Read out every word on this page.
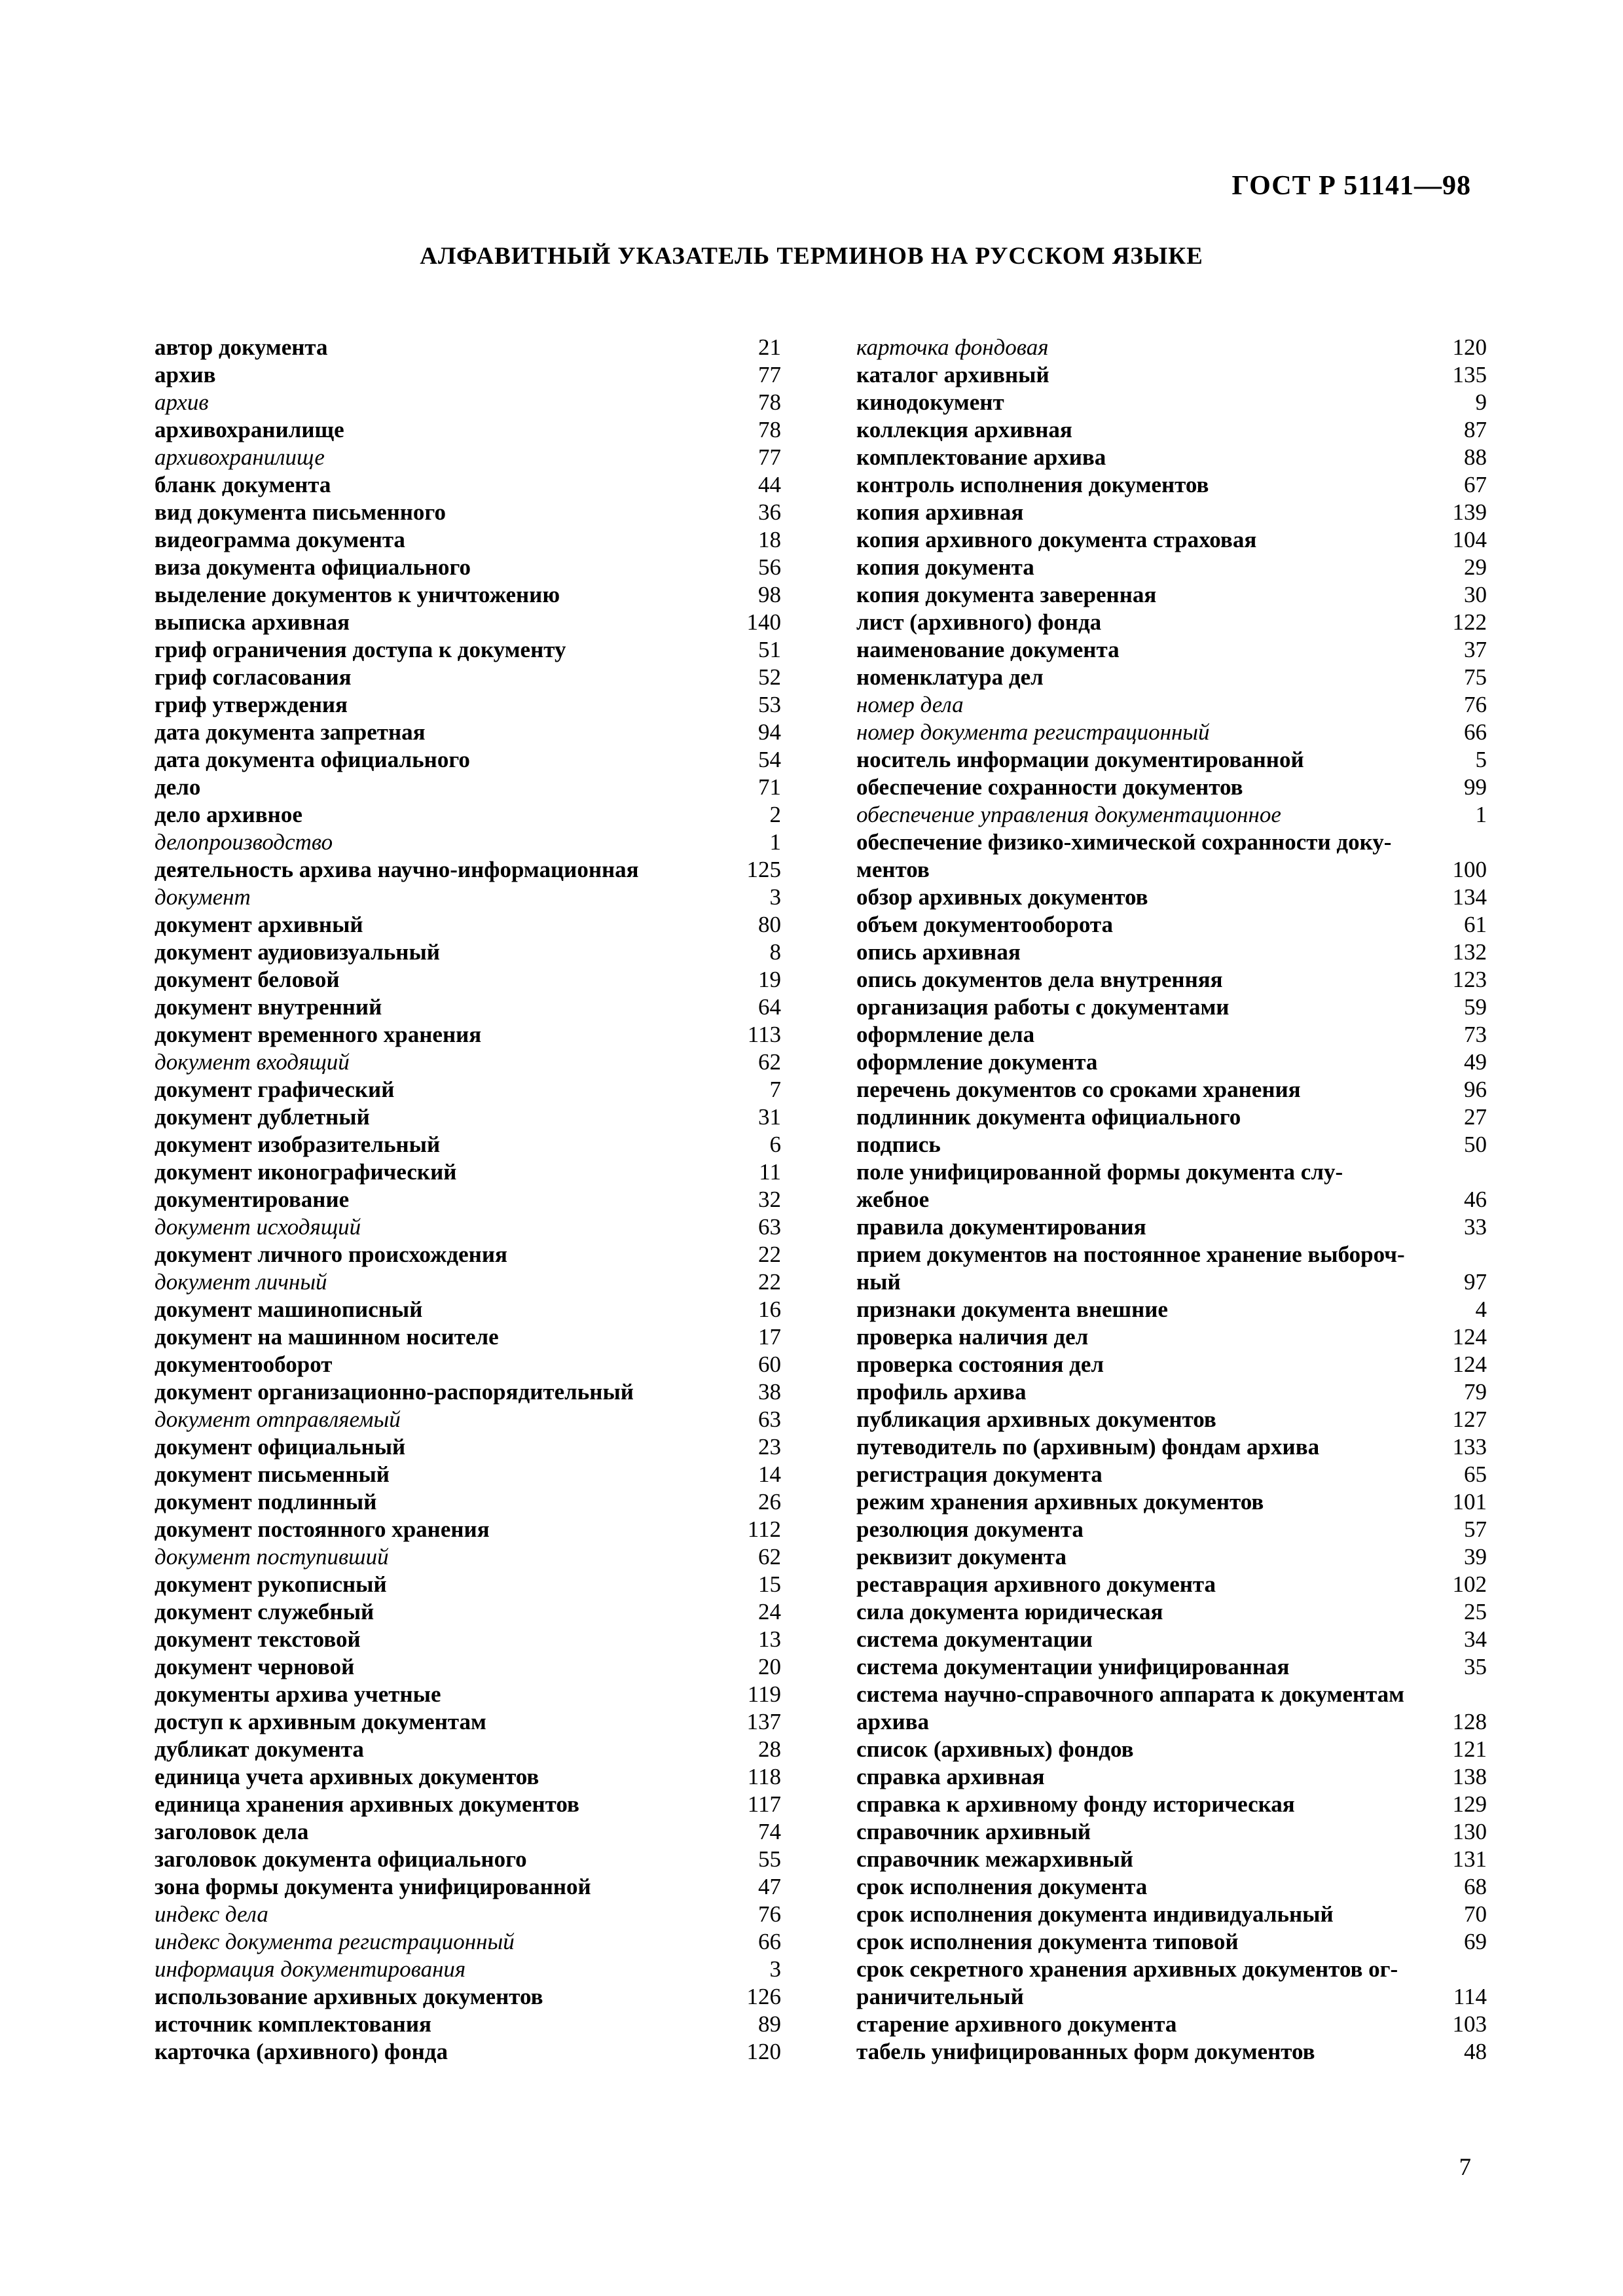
ГОСТ Р 51141—98
АЛФАВИТНЫЙ УКАЗАТЕЛЬ ТЕРМИНОВ НА РУССКОМ ЯЗЫКЕ
автор документа	21
архив	77
архив	78
архивохранилище	78
архивохранилище	77
бланк документа	44
вид документа письменного	36
видеограмма документа	18
виза документа официального	56
выделение документов к уничтожению	98
выписка архивная	140
гриф ограничения доступа к документу	51
гриф согласования	52
гриф утверждения	53
дата документа запретная	94
дата документа официального	54
дело	71
дело архивное	2
делопроизводство	1
деятельность архива научно-информационная	125
документ	3
документ архивный	80
документ аудиовизуальный	8
документ беловой	19
документ внутренний	64
документ временного хранения	113
документ входящий	62
документ графический	7
документ дублетный	31
документ изобразительный	6
документ иконографический	11
документирование	32
документ исходящий	63
документ личного происхождения	22
документ личный	22
документ машинописный	16
документ на машинном носителе	17
документооборот	60
документ организационно-распорядительный	38
документ отправляемый	63
документ официальный	23
документ письменный	14
документ подлинный	26
документ постоянного хранения	112
документ поступивший	62
документ рукописный	15
документ служебный	24
документ текстовой	13
документ черновой	20
документы архива учетные	119
доступ к архивным документам	137
дубликат документа	28
единица учета архивных документов	118
единица хранения архивных документов	117
заголовок дела	74
заголовок документа официального	55
зона формы документа унифицированной	47
индекс дела	76
индекс документа регистрационный	66
информация документирования	3
использование архивных документов	126
источник комплектования	89
карточка (архивного) фонда	120
карточка фондовая	120
каталог архивный	135
кинодокумент	9
коллекция архивная	87
комплектование архива	88
контроль исполнения документов	67
копия архивная	139
копия архивного документа страховая	104
копия документа	29
копия документа заверенная	30
лист (архивного) фонда	122
наименование документа	37
номенклатура дел	75
номер дела	76
номер документа регистрационный	66
носитель информации документированной	5
обеспечение сохранности документов	99
обеспечение управления документационное	1
обеспечение физико-химической сохранности доку-
ментов	100
обзор архивных документов	134
объем документооборота	61
опись архивная	132
опись документов дела внутренняя	123
организация работы с документами	59
оформление дела	73
оформление документа	49
перечень документов со сроками хранения	96
подлинник документа официального	27
подпись	50
поле унифицированной формы документа слу-
жебное	46
правила документирования	33
прием документов на постоянное хранение выбороч-
ный	97
признаки документа внешние	4
проверка наличия дел	124
проверка состояния дел	124
профиль архива	79
публикация архивных документов	127
путеводитель по (архивным) фондам архива	133
регистрация документа	65
режим хранения архивных документов	101
резолюция документа	57
реквизит документа	39
реставрация архивного документа	102
сила документа юридическая	25
система документации	34
система документации унифицированная	35
система научно-справочного аппарата к документам
архива	128
список (архивных) фондов	121
справка архивная	138
справка к архивному фонду историческая	129
справочник архивный	130
справочник межархивный	131
срок исполнения документа	68
срок исполнения документа индивидуальный	70
срок исполнения документа типовой	69
срок секретного хранения архивных документов ог-
раничительный	114
старение архивного документа	103
табель унифицированных форм документов	48
7
